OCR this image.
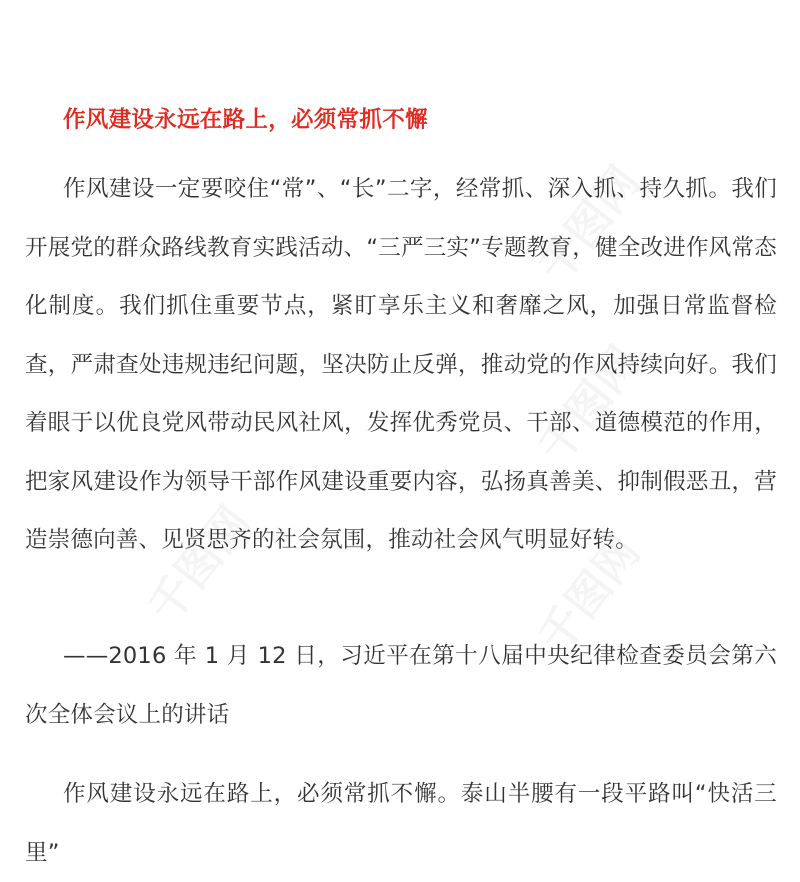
千图网
千图网
千图网	千图网
作风建设永远在路上，必须常抓不懈

作风建设一定要咬住“常”、“长”二字，经常抓、深入抓、持久抓。我们开展党的群众路线教育实践活动、“三严三实”专题教育，健全改进作风常态化制度。我们抓住重要节点，紧盯享乐主义和奢靡之风，加强日常监督检查，严肃查处违规违纪问题，坚决防止反弹，推动党的作风持续向好。我们着眼于以优良党风带动民风社风，发挥优秀党员、干部、道德模范的作用，把家风建设作为领导干部作风建设重要内容，弘扬真善美、抑制假恶丑，营造崇德向善、见贤思齐的社会氛围，推动社会风气明显好转。

——2016 年 1 月 12 日，习近平在第十八届中央纪律检查委员会第六次全体会议上的讲话

作风建设永远在路上，必须常抓不懈。泰山半腰有一段平路叫“快活三里”
